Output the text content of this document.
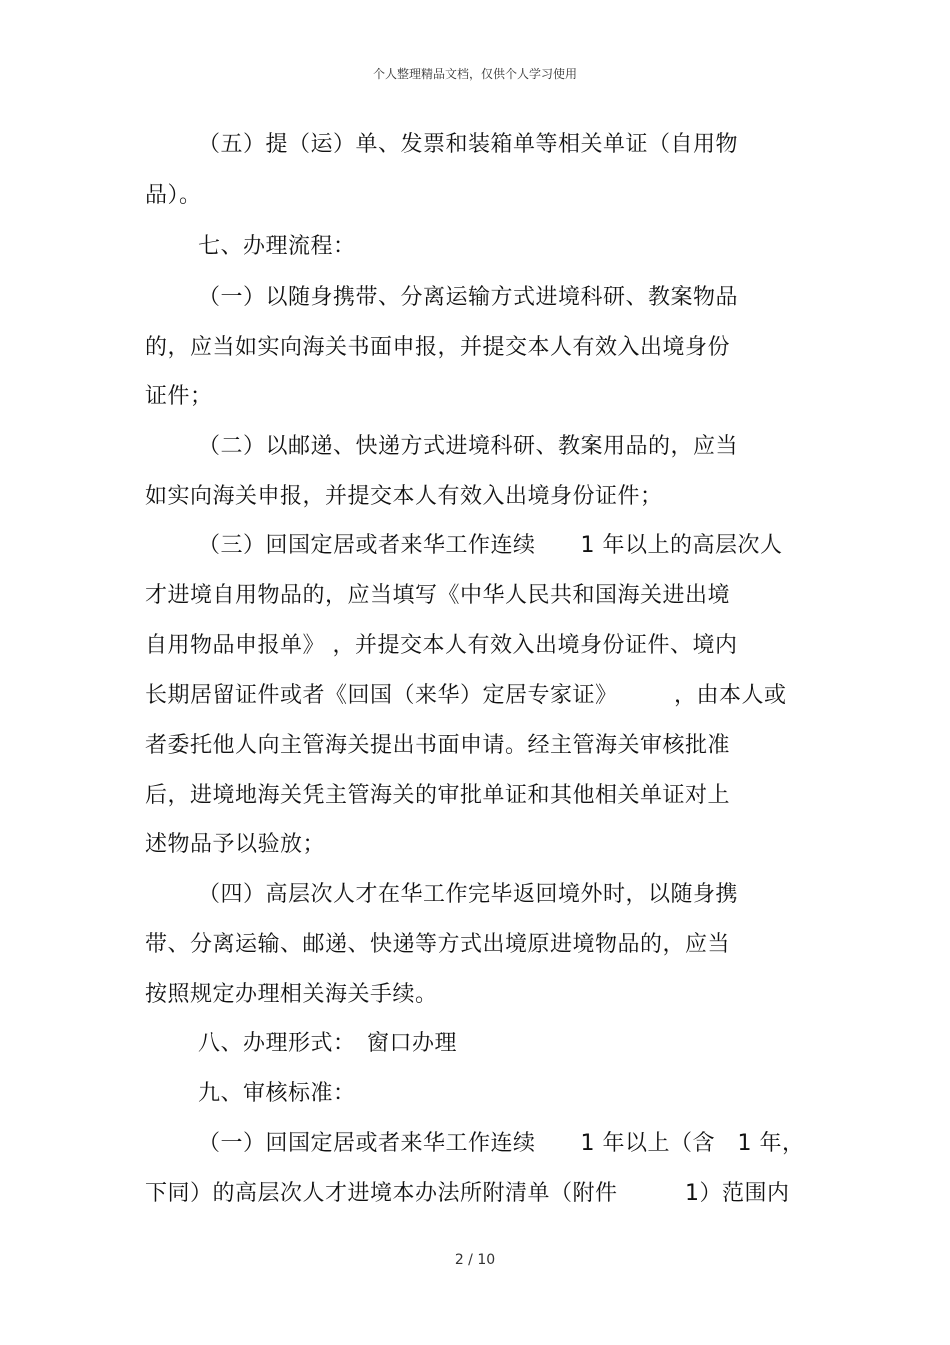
个人整理精品文档，仅供个人学习使用
（五）提（运）单、发票和装箱单等相关单证（自用物
品）。
七、办理流程：
（一）以随身携带、分离运输方式进境科研、教案物品
的，应当如实向海关书面申报，并提交本人有效入出境身份
证件；
（二）以邮递、快递方式进境科研、教案用品的，应当
如实向海关申报，并提交本人有效入出境身份证件；
（三）回国定居或者来华工作连续　　1 年以上的高层次人
才进境自用物品的，应当填写《中华人民共和国海关进出境
自用物品申报单》 ，并提交本人有效入出境身份证件、境内
长期居留证件或者《回国（来华）定居专家证》　　　，由本人或
者委托他人向主管海关提出书面申请。经主管海关审核批准
后，进境地海关凭主管海关的审批单证和其他相关单证对上
述物品予以验放；
（四）高层次人才在华工作完毕返回境外时，以随身携
带、分离运输、邮递、快递等方式出境原进境物品的，应当
按照规定办理相关海关手续。
八、办理形式：　窗口办理
九、审核标准：
（一）回国定居或者来华工作连续　　1 年以上（含　1 年，
下同）的高层次人才进境本办法所附清单（附件　　　1）范围内
2 / 10
